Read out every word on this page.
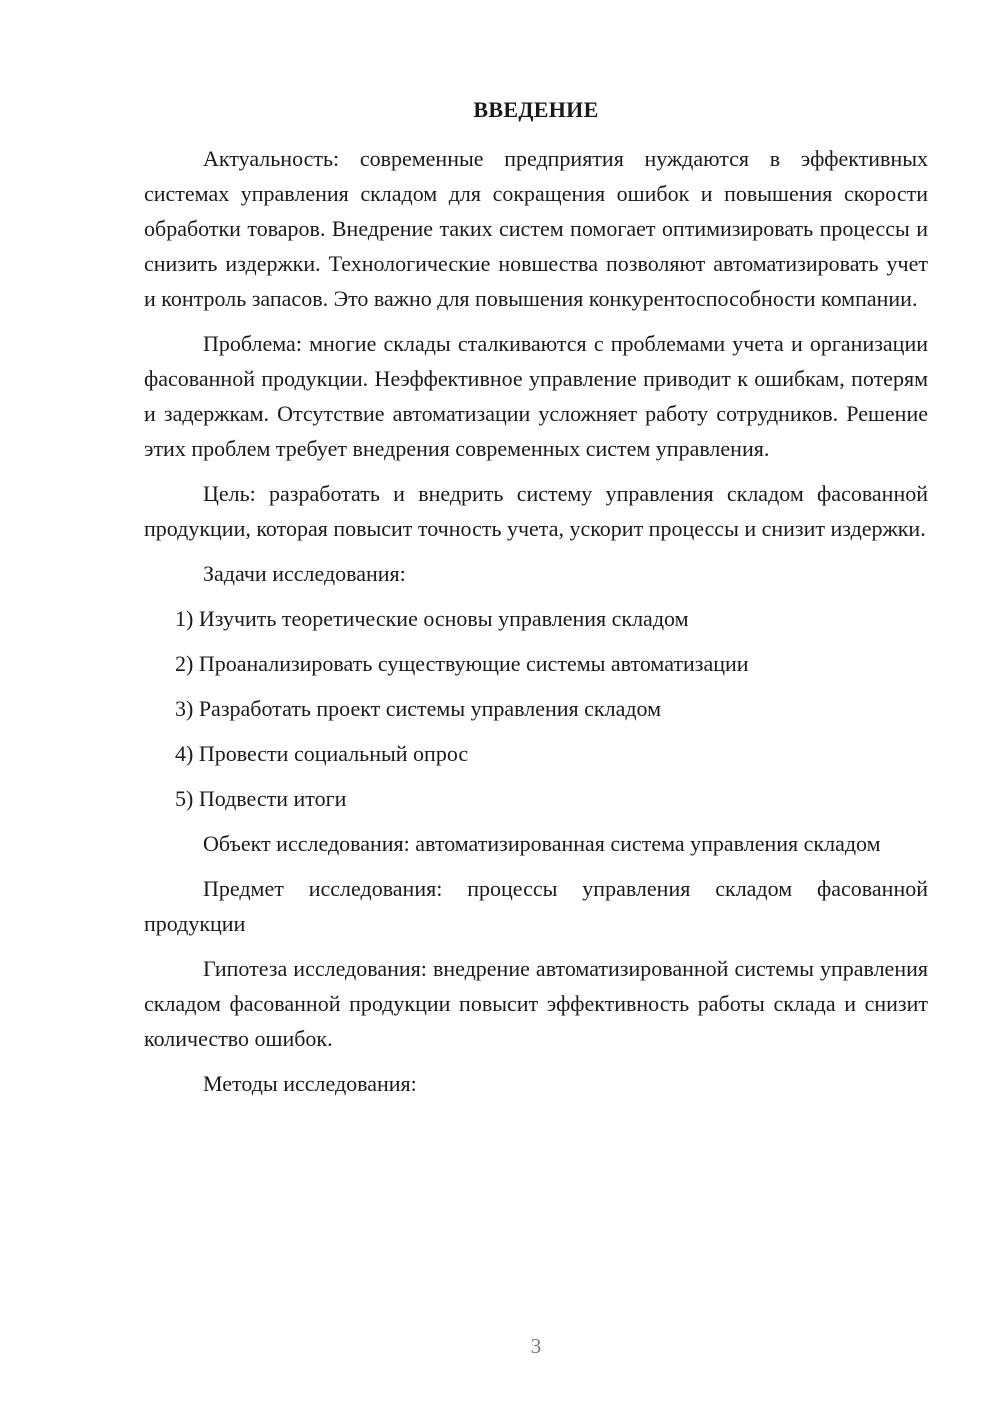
ВВЕДЕНИЕ

Актуальность: современные предприятия нуждаются в эффективных системах управления складом для сокращения ошибок и повышения скорости обработки товаров. Внедрение таких систем помогает оптимизировать процессы и снизить издержки. Технологические новшества позволяют автоматизировать учет и контроль запасов. Это важно для повышения конкурентоспособности компании.

Проблема: многие склады сталкиваются с проблемами учета и организации фасованной продукции. Неэффективное управление приводит к ошибкам, потерям и задержкам. Отсутствие автоматизации усложняет работу сотрудников. Решение этих проблем требует внедрения современных систем управления.

Цель: разработать и внедрить систему управления складом фасованной продукции, которая повысит точность учета, ускорит процессы и снизит издержки.

Задачи исследования:

1) Изучить теоретические основы управления складом

2) Проанализировать существующие системы автоматизации

3) Разработать проект системы управления складом

4) Провести социальный опрос

5) Подвести итоги

Объект исследования: автоматизированная система управления складом

Предмет исследования: процессы управления складом фасованной продукции

Гипотеза исследования: внедрение автоматизированной системы управления складом фасованной продукции повысит эффективность работы склада и снизит количество ошибок.

Методы исследования:

3
